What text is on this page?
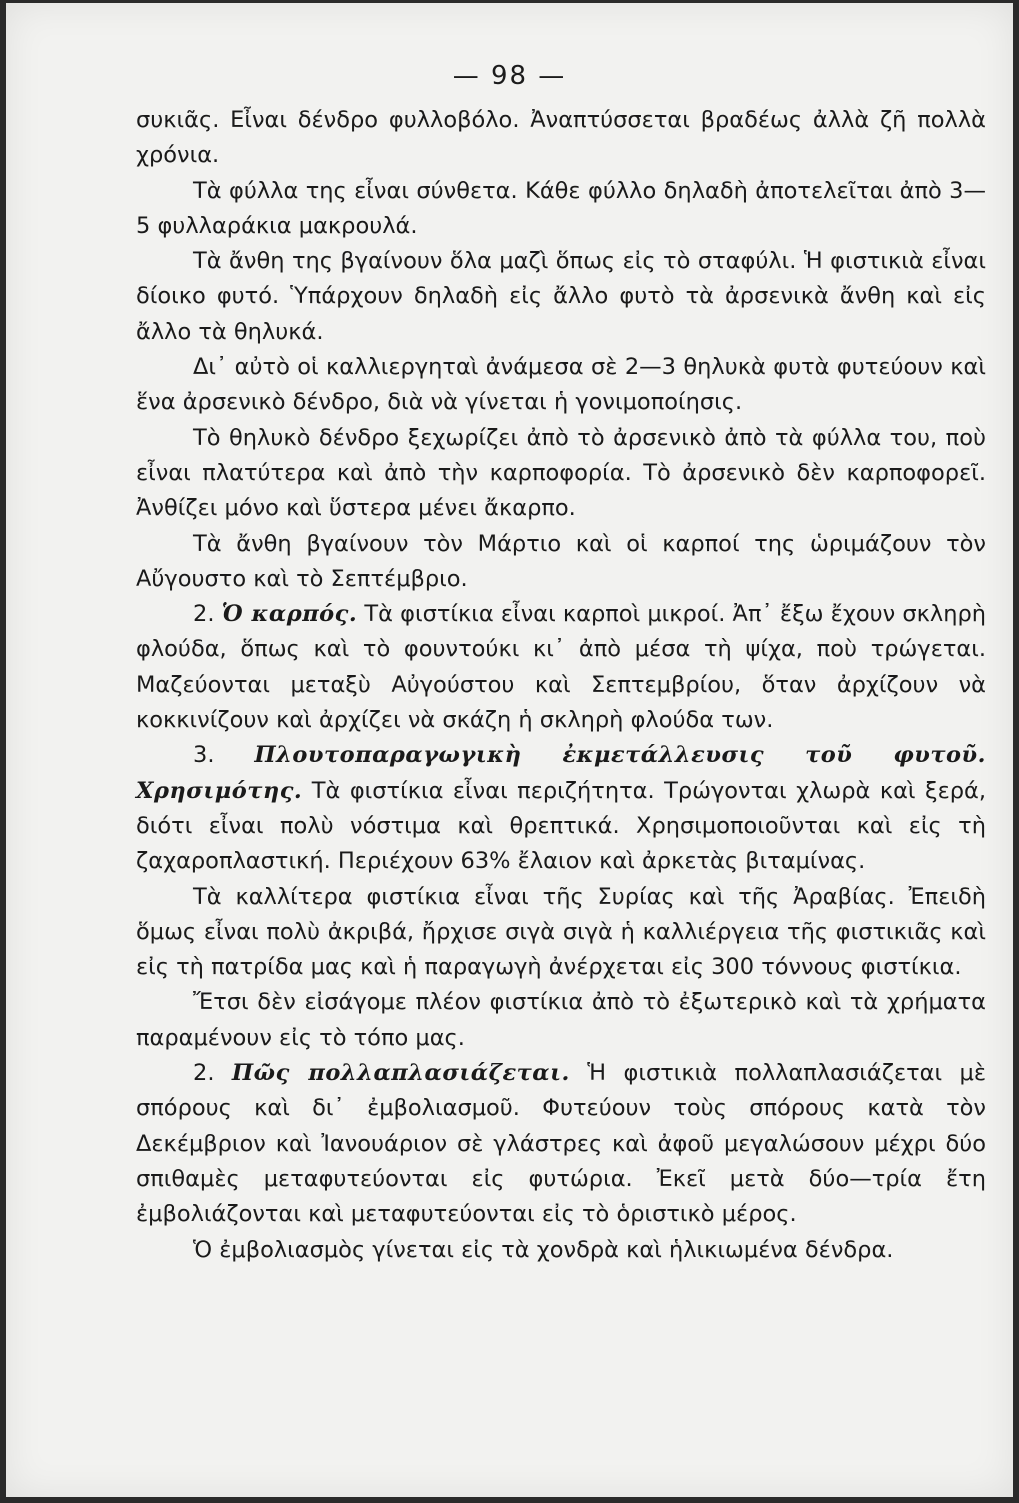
— 98 —

συκιᾶς. Εἶναι δένδρο φυλλοβόλο. Ἀναπτύσσεται βραδέως ἀλλὰ ζῆ πολλὰ χρόνια.

Τὰ φύλλα της εἶναι σύνθετα. Κάθε φύλλο δηλαδὴ ἀποτελεῖται ἀπὸ 3—5 φυλλαράκια μακρουλά.

Τὰ ἄνθη της βγαίνουν ὅλα μαζὶ ὅπως εἰς τὸ σταφύλι. Ἡ φιστικιὰ εἶναι δίοικο φυτό. Ὑπάρχουν δηλαδὴ εἰς ἄλλο φυτὸ τὰ ἀρσενικὰ ἄνθη καὶ εἰς ἄλλο τὰ θηλυκά.

Δι᾿ αὐτὸ οἱ καλλιεργηταὶ ἀνάμεσα σὲ 2—3 θηλυκὰ φυτὰ φυτεύουν καὶ ἕνα ἀρσενικὸ δένδρο, διὰ νὰ γίνεται ἡ γονιμοποίησις.

Τὸ θηλυκὸ δένδρο ξεχωρίζει ἀπὸ τὸ ἀρσενικὸ ἀπὸ τὰ φύλλα του, ποὺ εἶναι πλατύτερα καὶ ἀπὸ τὴν καρποφορία. Τὸ ἀρσενικὸ δὲν καρποφορεῖ. Ἀνθίζει μόνο καὶ ὕστερα μένει ἄκαρπο.

Τὰ ἄνθη βγαίνουν τὸν Μάρτιο καὶ οἱ καρποί της ὡριμάζουν τὸν Αὔγουστο καὶ τὸ Σεπτέμβριο.

2. Ὁ καρπός. Τὰ φιστίκια εἶναι καρποὶ μικροί. Ἀπ᾿ ἔξω ἔχουν σκληρὴ φλούδα, ὅπως καὶ τὸ φουντούκι κι᾿ ἀπὸ μέσα τὴ ψίχα, ποὺ τρώγεται. Μαζεύονται μεταξὺ Αὐγούστου καὶ Σεπτεμβρίου, ὅταν ἀρχίζουν νὰ κοκκινίζουν καὶ ἀρχίζει νὰ σκάζη ἡ σκληρὴ φλούδα των.

3. Πλουτοπαραγωγικὴ ἐκμετάλλευσις τοῦ φυτοῦ. Χρησιμότης. Τὰ φιστίκια εἶναι περιζήτητα. Τρώγονται χλωρὰ καὶ ξερά, διότι εἶναι πολὺ νόστιμα καὶ θρεπτικά. Χρησιμοποιοῦνται καὶ εἰς τὴ ζαχαροπλαστική. Περιέχουν 63% ἔλαιον καὶ ἀρκετὰς βιταμίνας.

Τὰ καλλίτερα φιστίκια εἶναι τῆς Συρίας καὶ τῆς Ἀραβίας. Ἐπειδὴ ὅμως εἶναι πολὺ ἀκριβά, ἤρχισε σιγὰ σιγὰ ἡ καλλιέργεια τῆς φιστικιᾶς καὶ εἰς τὴ πατρίδα μας καὶ ἡ παραγωγὴ ἀνέρχεται εἰς 300 τόννους φιστίκια.

Ἔτσι δὲν εἰσάγομε πλέον φιστίκια ἀπὸ τὸ ἐξωτερικὸ καὶ τὰ χρήματα παραμένουν εἰς τὸ τόπο μας.

2. Πῶς πολλαπλασιάζεται. Ἡ φιστικιὰ πολλαπλασιάζεται μὲ σπόρους καὶ δι᾿ ἐμβολιασμοῦ. Φυτεύουν τοὺς σπόρους κατὰ τὸν Δεκέμβριον καὶ Ἰανουάριον σὲ γλάστρες καὶ ἀφοῦ μεγαλώσουν μέχρι δύο σπιθαμὲς μεταφυτεύονται εἰς φυτώρια. Ἐκεῖ μετὰ δύο—τρία ἔτη ἐμβολιάζονται καὶ μεταφυτεύονται εἰς τὸ ὁριστικὸ μέρος.

Ὁ ἐμβολιασμὸς γίνεται εἰς τὰ χονδρὰ καὶ ἡλικιωμένα δένδρα.
